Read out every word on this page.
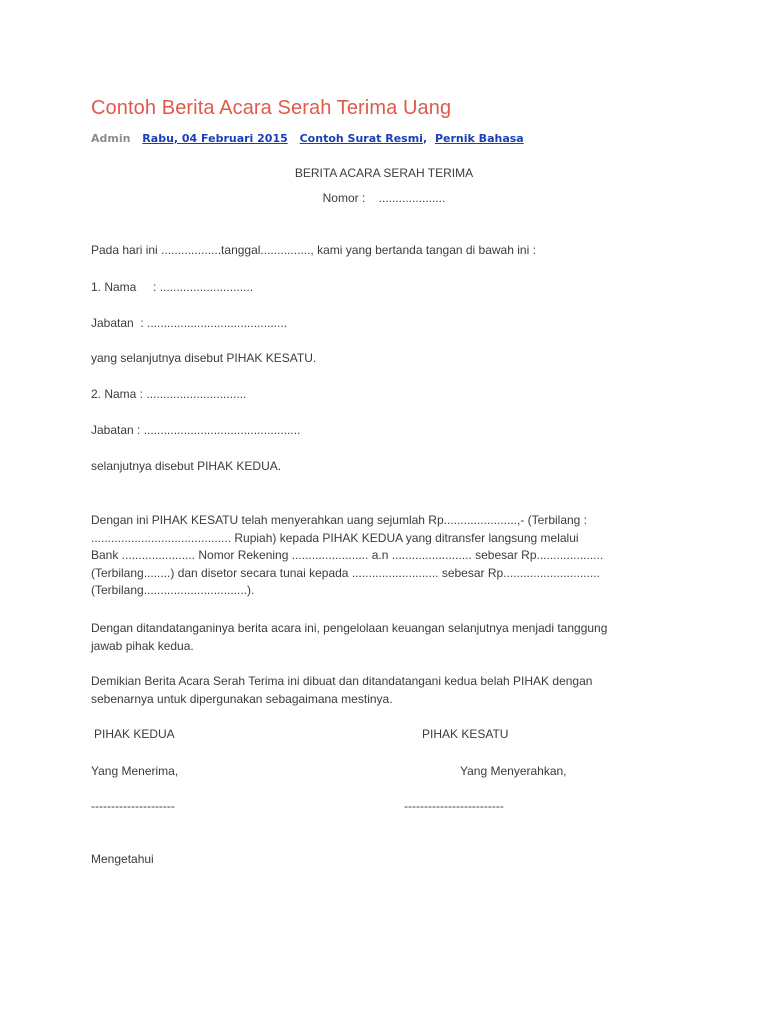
Contoh Berita Acara Serah Terima Uang
Admin Rabu, 04 Februari 2015 Contoh Surat Resmi, Pernik Bahasa
BERITA ACARA SERAH TERIMA
Nomor :    ....................
Pada hari ini ..................tanggal..............., kami yang bertanda tangan di bawah ini :
1. Nama     : ............................
Jabatan  : ..........................................
yang selanjutnya disebut PIHAK KESATU.
2. Nama : ..............................
Jabatan : ...............................................
selanjutnya disebut PIHAK KEDUA.

Dengan ini PIHAK KESATU telah menyerahkan uang sejumlah Rp......................,- (Terbilang :

.......................................... Rupiah) kepada PIHAK KEDUA yang ditransfer langsung melalui

Bank ...................... Nomor Rekening ....................... a.n ........................ sebesar Rp....................

(Terbilang........) dan disetor secara tunai kepada .......................... sebesar Rp.............................

(Terbilang...............................).

Dengan ditandatanganinya berita acara ini, pengelolaan keuangan selanjutnya menjadi tanggung

jawab pihak kedua.

Demikian Berita Acara Serah Terima ini dibuat dan ditandatangani kedua belah PIHAK dengan

sebenarnya untuk dipergunakan sebagaimana mestinya.

PIHAK KEDUA	PIHAK KESATU
Yang Menerima,	Yang Menyerahkan,
---------------------	-------------------------
Mengetahui
